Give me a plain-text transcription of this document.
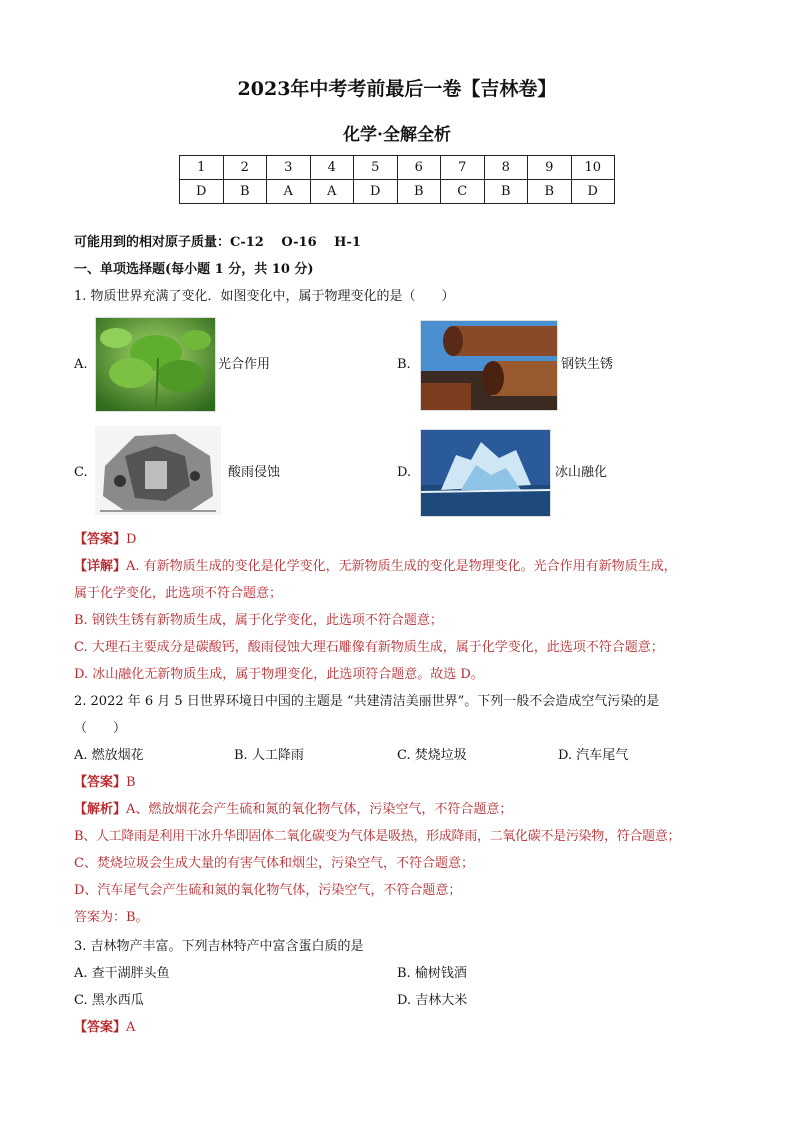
2023年中考考前最后一卷【吉林卷】
化学·全解全析
1	2	3	4	5	6	7	8	9	10
D	B	A	A	D	B	C	B	B	D
可能用到的相对原子质量：C-12　 O-16　 H-1
一、单项选择题(每小题 1 分，共 10 分)
1. 物质世界充满了变化．如图变化中，属于物理变化的是（　　）
A.	光合作用	B.	钢铁生锈
C.	酸雨侵蚀	D.	冰山融化
【答案】D
【详解】A. 有新物质生成的变化是化学变化，无新物质生成的变化是物理变化。光合作用有新物质生成，
属于化学变化，此选项不符合题意；
B. 钢铁生锈有新物质生成，属于化学变化，此选项不符合题意；
C. 大理石主要成分是碳酸钙，酸雨侵蚀大理石雕像有新物质生成，属于化学变化，此选项不符合题意；
D. 冰山融化无新物质生成，属于物理变化，此选项符合题意。故选 D。
2. 2022 年 6 月 5 日世界环境日中国的主题是 “共建清洁美丽世界”。下列一般不会造成空气污染的是
（　　）
A. 燃放烟花	B. 人工降雨	C. 焚烧垃圾	D. 汽车尾气
【答案】B
【解析】A、燃放烟花会产生硫和氮的氧化物气体，污染空气，不符合题意；
B、人工降雨是利用干冰升华即固体二氧化碳变为气体是吸热，形成降雨，二氧化碳不是污染物，符合题意；
C、焚烧垃圾会生成大量的有害气体和烟尘，污染空气，不符合题意；
D、汽车尾气会产生硫和氮的氧化物气体，污染空气，不符合题意；
答案为：B。
3. 吉林物产丰富。下列吉林特产中富含蛋白质的是
A. 查干湖胖头鱼	B. 榆树钱酒
C. 黑水西瓜	D. 吉林大米
【答案】A
